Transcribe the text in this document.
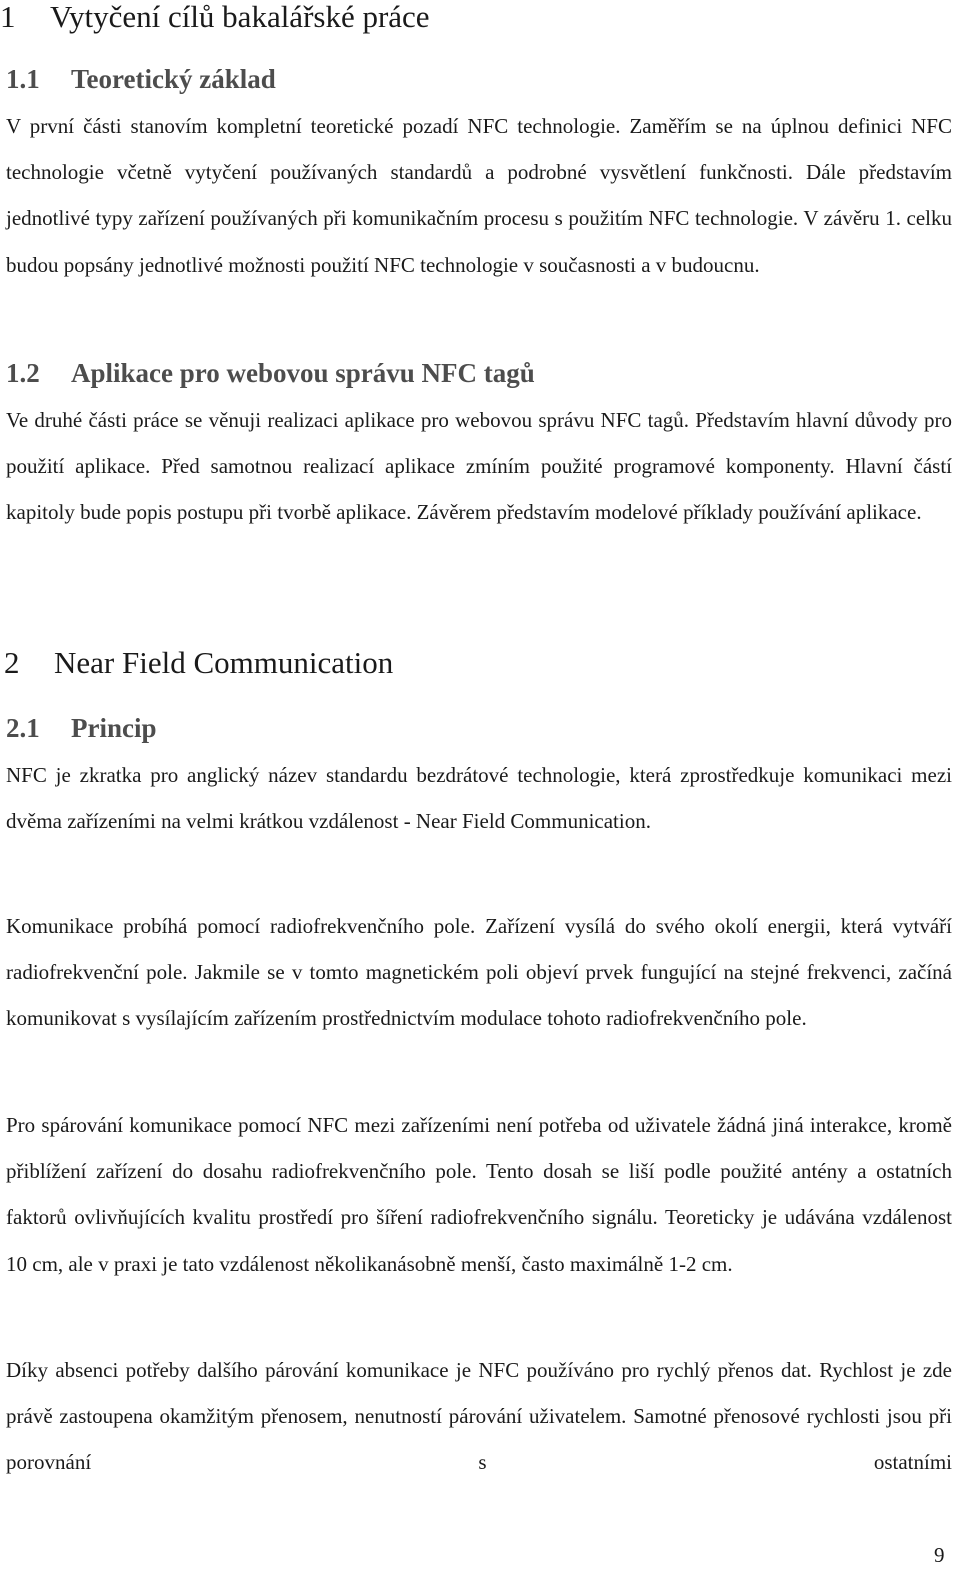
1 Vytyčení cílů bakalářské práce
1.1 Teoretický základ

V první části stanovím kompletní teoretické pozadí NFC technologie. Zaměřím se na úplnou definici NFC technologie včetně vytyčení používaných standardů a podrobné vysvětlení funkčnosti. Dále představím jednotlivé typy zařízení používaných při komunikačním procesu s použitím NFC technologie. V závěru 1. celku budou popsány jednotlivé možnosti použití NFC technologie v současnosti a v budoucnu.

1.2 Aplikace pro webovou správu NFC tagů

Ve druhé části práce se věnuji realizaci aplikace pro webovou správu NFC tagů. Představím hlavní důvody pro použití aplikace. Před samotnou realizací aplikace zmíním použité programové komponenty. Hlavní částí kapitoly bude popis postupu při tvorbě aplikace. Závěrem představím modelové příklady používání aplikace.

2 Near Field Communication
2.1 Princip

NFC je zkratka pro anglický název standardu bezdrátové technologie, která zprostředkuje komunikaci mezi dvěma zařízeními na velmi krátkou vzdálenost - Near Field Communication.

Komunikace probíhá pomocí radiofrekvenčního pole. Zařízení vysílá do svého okolí energii, která vytváří radiofrekvenční pole. Jakmile se v tomto magnetickém poli objeví prvek fungující na stejné frekvenci, začíná komunikovat s vysílajícím zařízením prostřednictvím modulace tohoto radiofrekvenčního pole.

Pro spárování komunikace pomocí NFC mezi zařízeními není potřeba od uživatele žádná jiná interakce, kromě přiblížení zařízení do dosahu radiofrekvenčního pole. Tento dosah se liší podle použité antény a ostatních faktorů ovlivňujících kvalitu prostředí pro šíření radiofrekvenčního signálu. Teoreticky je udávána vzdálenost 10 cm, ale v praxi je tato vzdálenost několikanásobně menší, často maximálně 1-2 cm.

Díky absenci potřeby dalšího párování komunikace je NFC používáno pro rychlý přenos dat. Rychlost je zde právě zastoupena okamžitým přenosem, nenutností párování uživatelem. Samotné přenosové rychlosti jsou při porovnání s ostatními

9
